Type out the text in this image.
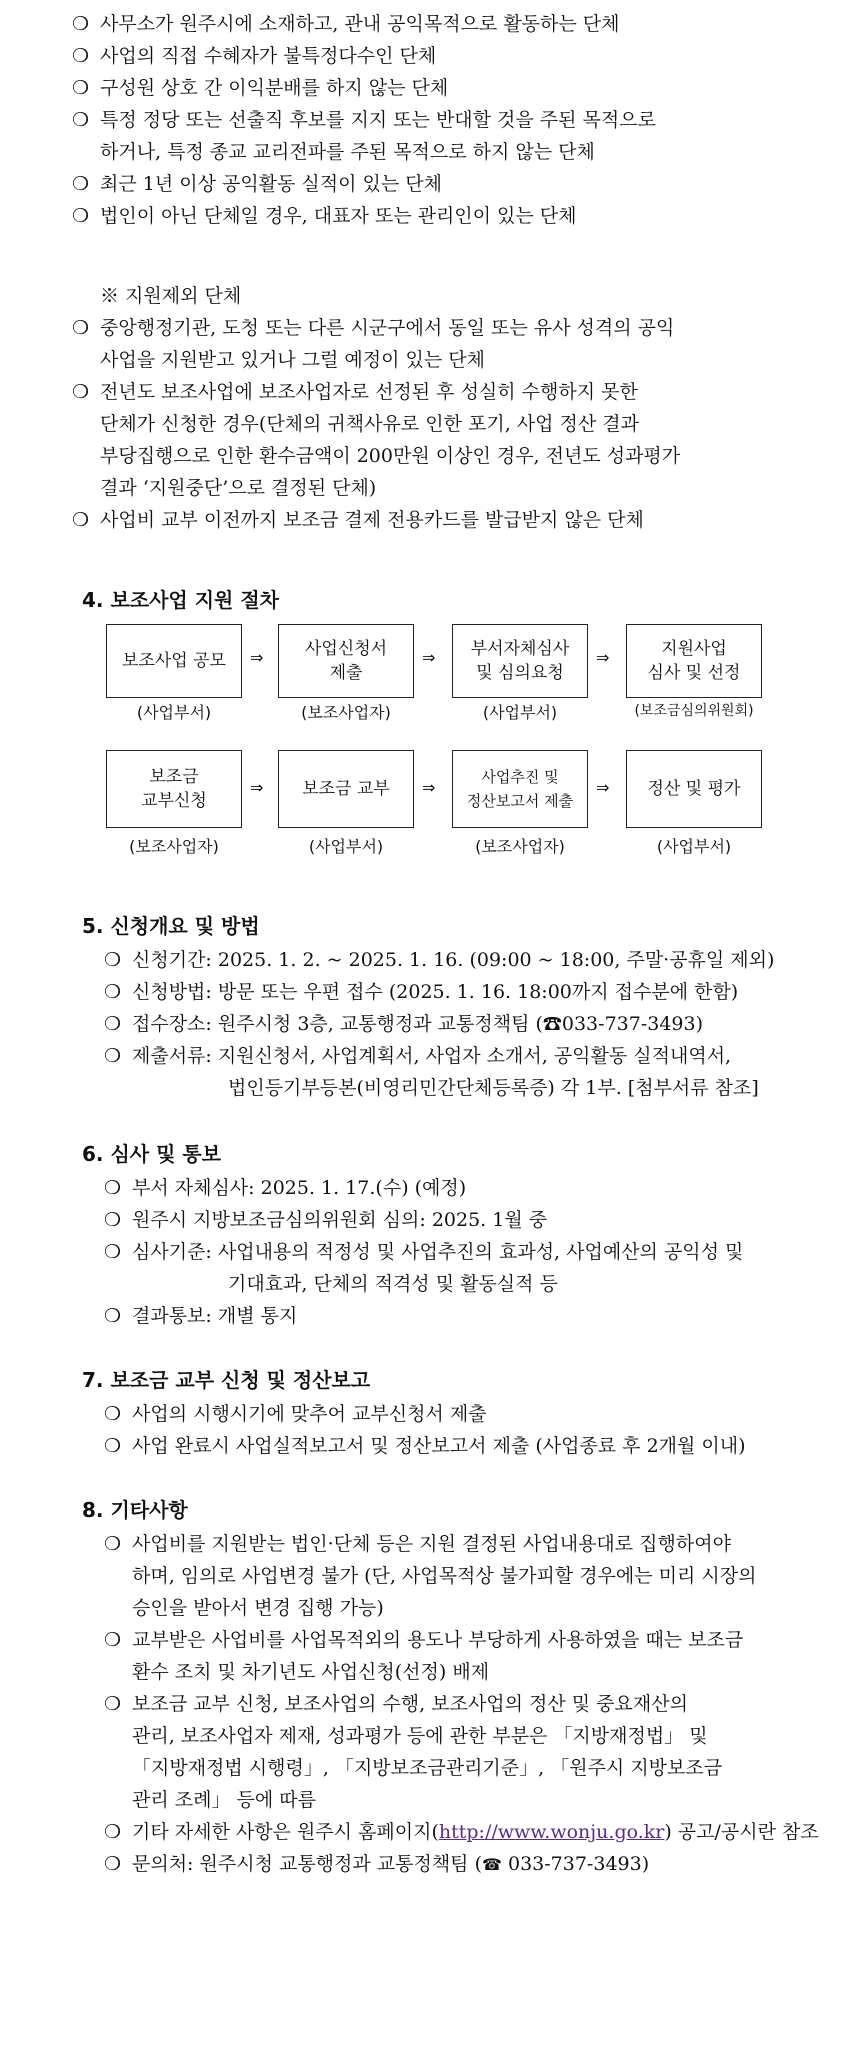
❍ 사무소가 원주시에 소재하고, 관내 공익목적으로 활동하는 단체
❍ 사업의 직접 수혜자가 불특정다수인 단체
❍ 구성원 상호 간 이익분배를 하지 않는 단체
❍ 특정 정당 또는 선출직 후보를 지지 또는 반대할 것을 주된 목적으로
하거나, 특정 종교 교리전파를 주된 목적으로 하지 않는 단체
❍ 최근 1년 이상 공익활동 실적이 있는 단체
❍ 법인이 아닌 단체일 경우, 대표자 또는 관리인이 있는 단체
※ 지원제외 단체
❍ 중앙행정기관, 도청 또는 다른 시군구에서 동일 또는 유사 성격의 공익
사업을 지원받고 있거나 그럴 예정이 있는 단체
❍ 전년도 보조사업에 보조사업자로 선정된 후 성실히 수행하지 못한
단체가 신청한 경우(단체의 귀책사유로 인한 포기, 사업 정산 결과
부당집행으로 인한 환수금액이 200만원 이상인 경우, 전년도 성과평가
결과 ‘지원중단’으로 결정된 단체)
❍ 사업비 교부 이전까지 보조금 결제 전용카드를 발급받지 않은 단체
4. 보조사업 지원 절차
보조사업 공모	⇒	사업신청서
제출
⇒	부서자체심사
및 심의요청
⇒	지원사업
심사 및 선정
(사업부서)	(보조사업자)	(사업부서)	(보조금심의위원회)
보조금
교부신청
⇒	보조금 교부	⇒
사업추진 및
정산보고서 제출
⇒	정산 및 평가
(보조사업자)	(사업부서)	(보조사업자)	(사업부서)
5. 신청개요 및 방법
❍ 신청기간: 2025. 1. 2. ~ 2025. 1. 16. (09:00 ~ 18:00, 주말·공휴일 제외)
❍ 신청방법: 방문 또는 우편 접수 (2025. 1. 16. 18:00까지 접수분에 한함)
❍ 접수장소: 원주시청 3층, 교통행정과 교통정책팀 (☎033-737-3493)
❍ 제출서류: 지원신청서, 사업계획서, 사업자 소개서, 공익활동 실적내역서,
법인등기부등본(비영리민간단체등록증) 각 1부. [첨부서류 참조]
6. 심사 및 통보
❍ 부서 자체심사: 2025. 1. 17.(수) (예정)
❍ 원주시 지방보조금심의위원회 심의: 2025. 1월 중
❍ 심사기준: 사업내용의 적정성 및 사업추진의 효과성, 사업예산의 공익성 및
기대효과, 단체의 적격성 및 활동실적 등
❍ 결과통보: 개별 통지
7. 보조금 교부 신청 및 정산보고
❍ 사업의 시행시기에 맞추어 교부신청서 제출
❍ 사업 완료시 사업실적보고서 및 정산보고서 제출 (사업종료 후 2개월 이내)
8. 기타사항
❍ 사업비를 지원받는 법인·단체 등은 지원 결정된 사업내용대로 집행하여야
하며, 임의로 사업변경 불가 (단, 사업목적상 불가피할 경우에는 미리 시장의
승인을 받아서 변경 집행 가능)
❍ 교부받은 사업비를 사업목적외의 용도나 부당하게 사용하였을 때는 보조금
환수 조치 및 차기년도 사업신청(선정) 배제
❍ 보조금 교부 신청, 보조사업의 수행, 보조사업의 정산 및 중요재산의
관리, 보조사업자 제재, 성과평가 등에 관한 부분은 「지방재정법」 및
「지방재정법 시행령」, 「지방보조금관리기준」, 「원주시 지방보조금
관리 조례」 등에 따름
❍ 기타 자세한 사항은 원주시 홈페이지(http://www.wonju.go.kr) 공고/공시란 참조
❍ 문의처: 원주시청 교통행정과 교통정책팀 (☎ 033-737-3493)
